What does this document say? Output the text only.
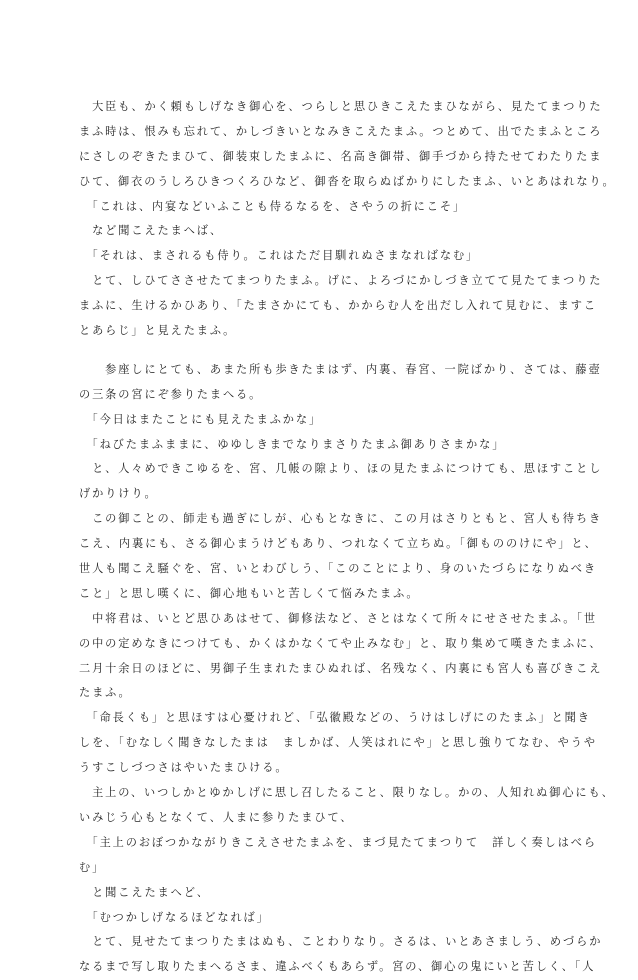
　大臣も、かく頼もしげなき御心を、つらしと思ひきこえたまひながら、見たてまつりた
まふ時は、恨みも忘れて、かしづきいとなみきこえたまふ。つとめて、出でたまふところ
にさしのぞきたまひて、御装束したまふに、名高き御帯、御手づから持たせてわたりたま
ひて、御衣のうしろひきつくろひなど、御沓を取らぬばかりにしたまふ、いとあはれなり。
　「これは、内宴などいふことも侍るなるを、さやうの折にこそ」
　など聞こえたまへば、
　「それは、まされるも侍り。これはただ目馴れぬさまなればなむ」
　とて、しひてささせたてまつりたまふ。げに、よろづにかしづき立てて見たてまつりた
まふに、生けるかひあり、「たまさかにても、かからむ人を出だし入れて見むに、ますこ
とあらじ」と見えたまふ。
　　参座しにとても、あまた所も歩きたまはず、内裏、春宮、一院ばかり、さては、藤壺
の三条の宮にぞ参りたまへる。
　「今日はまたことにも見えたまふかな」
　「ねびたまふままに、ゆゆしきまでなりまさりたまふ御ありさまかな」
　と、人々めできこゆるを、宮、几帳の隙より、ほの見たまふにつけても、思ほすことし
げかりけり。
　この御ことの、師走も過ぎにしが、心もとなきに、この月はさりともと、宮人も待ちき
こえ、内裏にも、さる御心まうけどもあり、つれなくて立ちぬ。「御もののけにや」と、
世人も聞こえ騒ぐを、宮、いとわびしう、「このことにより、身のいたづらになりぬべき
こと」と思し嘆くに、御心地もいと苦しくて悩みたまふ。
　中将君は、いとど思ひあはせて、御修法など、さとはなくて所々にせさせたまふ。「世
の中の定めなきにつけても、かくはかなくてや止みなむ」と、取り集めて嘆きたまふに、
二月十余日のほどに、男御子生まれたまひぬれば、名残なく、内裏にも宮人も喜びきこえ
たまふ。
　「命長くも」と思ほすは心憂けれど、「弘徽殿などの、うけはしげにのたまふ」と聞き
しを、「むなしく聞きなしたまは　ましかば、人笑はれにや」と思し強りてなむ、やうや
うすこしづつさはやいたまひける。
　主上の、いつしかとゆかしげに思し召したること、限りなし。かの、人知れぬ御心にも、
いみじう心もとなくて、人まに参りたまひて、
　「主上のおぼつかながりきこえさせたまふを、まづ見たてまつりて　詳しく奏しはべら
む」
　と聞こえたまへど、
　「むつかしげなるほどなれば」
　とて、見せたてまつりたまはぬも、ことわりなり。さるは、いとあさましう、めづらか
なるまで写し取りたまへるさま、違ふべくもあらず。宮の、御心の鬼にいと苦しく、「人
